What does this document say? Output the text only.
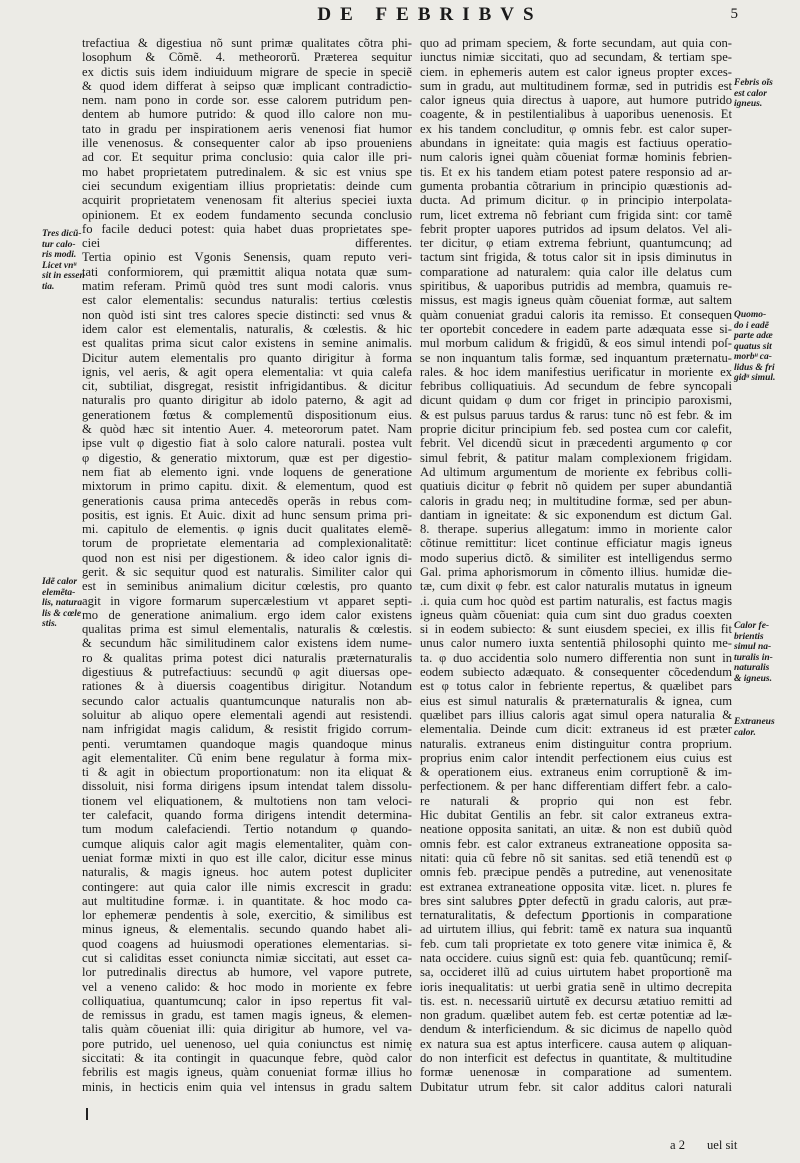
DE FEBRIBVS	5

trefactiua & digestiua nõ sunt primæ qualitates cõtra phi-

losophum & Cõmẽ. 4. metheororũ. Præterea sequitur

ex dictis suis idem indiuiduum migrare de specie in speciẽ

& quod idem differat à seipso quæ implicant contradictio-

nem. nam pono in corde sor. esse calorem putridum pen-

dentem ab humore putrido: & quod illo calore non mu-

tato in gradu per inspirationem aeris venenosi fiat humor

ille venenosus. & consequenter calor ab ipso proueniens

ad cor. Et sequitur prima conclusio: quia calor ille pri-

mo habet proprietatem putredinalem. & sic est vnius spe

ciei secundum exigentiam illius proprietatis: deinde cum

acquirit proprietatem venenosam fit alterius speciei iuxta

opinionem. Et ex eodem fundamento secunda conclusio

fo facile deduci potest: quia habet duas proprietates spe-

ciei differentes.

Tertia opinio est Vgonis Senensis, quam reputo veri-

tati conformiorem, qui præmittit aliqua notata quæ sum-

matim referam. Primũ quòd tres sunt modi caloris. vnus

est calor elementalis: secundus naturalis: tertius cœlestis

non quòd isti sint tres calores specie distincti: sed vnus &

idem calor est elementalis, naturalis, & cœlestis. & hic

est qualitas prima sicut calor existens in semine animalis.

Dicitur autem elementalis pro quanto dirigitur à forma

ignis, vel aeris, & agit opera elementalia: vt quia calefa

cit, subtiliat, disgregat, resistit infrigidantibus. & dicitur

naturalis pro quanto dirigitur ab idolo paterno, & agit ad

generationem fœtus & complementũ dispositionum eius.

& quòd hæc sit intentio Auer. 4. meteororum patet. Nam

ipse vult φ digestio fiat à solo calore naturali. postea vult

φ digestio, & generatio mixtorum, quæ est per digestio-

nem fiat ab elemento igni. vnde loquens de generatione

mixtorum in primo capitu. dixit. & elementum, quod est

generationis causa prima antecedẽs operãs in rebus com-

positis, est ignis. Et Auic. dixit ad hunc sensum prima pri-

mi. capitulo de elementis. φ ignis ducit qualitates elemẽ-

torum de proprietate elementaria ad complexionalitatẽ:

quod non est nisi per digestionem. & ideo calor ignis di-

gerit. & sic sequitur quod est naturalis. Similiter calor qui

est in seminibus animalium dicitur cœlestis, pro quanto

agit in vigore formarum supercælestium vt apparet septi-

mo de generatione animalium. ergo idem calor existens

qualitas prima est simul elementalis, naturalis & cœlestis.

& secundum hãc similitudinem calor existens idem nume-

ro & qualitas prima potest dici naturalis præternaturalis

digestiuus & putrefactiuus: secundũ φ agit diuersas ope-

rationes & à diuersis coagentibus dirigitur. Notandum

secundo calor actualis quantumcunque naturalis non ab-

soluitur ab aliquo opere elementali agendi aut resistendi.

nam infrigidat magis calidum, & resistit frigido corrum-

penti. verumtamen quandoque magis quandoque minus

agit elementaliter. Cũ enim bene regulatur à forma mix-

ti & agit in obiectum proportionatum: non ita eliquat &

dissoluit, nisi forma dirigens ipsum intendat talem dissolu-

tionem vel eliquationem, & multotiens non tam veloci-

ter calefacit, quando forma dirigens intendit determina-

tum modum calefaciendi. Tertio notandum φ quando-

cumque aliquis calor agit magis elementaliter, quàm con-

ueniat formæ mixti in quo est ille calor, dicitur esse minus

naturalis, & magis igneus. hoc autem potest dupliciter

contingere: aut quia calor ille nimis excrescit in gradu:

aut multitudine formæ. i. in quantitate. & hoc modo ca-

lor ephemeræ pendentis à sole, exercitio, & similibus est

minus igneus, & elementalis. secundo quando habet ali-

quod coagens ad huiusmodi operationes elementarias. si-

cut si caliditas esset coniuncta nimiæ siccitati, aut esset ca-

lor putredinalis directus ab humore, vel vapore putrete,

vel a veneno calido: & hoc modo in moriente ex febre

colliquatiua, quantumcunq; calor in ipso repertus fit val-

de remissus in gradu, est tamen magis igneus, & elemen-

talis quàm cõueniat illi: quia dirigitur ab humore, vel va-

pore putrido, uel uenenoso, uel quia coniunctus est nimię

siccitati: & ita contingit in quacunque febre, quòd calor

febrilis est magis igneus, quàm conueniat formæ illius ho

minis, in hecticis enim quia vel intensus in gradu saltem

quo ad primam speciem, & forte secundam, aut quia con-

iunctus nimiæ siccitati, quo ad secundam, & tertiam spe-

ciem. in ephemeris autem est calor igneus propter exces-

sum in gradu, aut multitudinem formæ, sed in putridis est

calor igneus quia directus à uapore, aut humore putrido

coagente, & in pestilentialibus à uaporibus uenenosis. Et

ex his tandem concluditur, φ omnis febr. est calor super-

abundans in igneitate: quia magis est factiuus operatio-

num caloris ignei quàm cõueniat formæ hominis febrien-

tis. Et ex his tandem etiam potest patere responsio ad ar-

gumenta probantia cõtrarium in principio quæstionis ad-

ducta. Ad primum dicitur. φ in principio interpolata-

rum, licet extrema nõ febriant cum frigida sint: cor tamẽ

febrit propter uapores putridos ad ipsum delatos. Vel ali-

ter dicitur, φ etiam extrema febriunt, quantumcunq; ad

tactum sint frigida, & totus calor sit in ipsis diminutus in

comparatione ad naturalem: quia calor ille delatus cum

spiritibus, & uaporibus putridis ad membra, quamuis re-

missus, est magis igneus quàm cõueniat formæ, aut saltem

quàm conueniat gradui caloris ita remisso. Et consequen

ter oportebit concedere in eadem parte adæquata esse si-

mul morbum calidum & frigidũ, & eos simul intendi poſ-

se non inquantum talis formæ, sed inquantum præternatu-

rales. & hoc idem manifestius uerificatur in moriente ex

febribus colliquatiuis. Ad secundum de febre syncopali

dicunt quidam φ dum cor friget in principio paroxismi,

& est pulsus paruus tardus & rarus: tunc nõ est febr. & im

proprie dicitur principium feb. sed postea cum cor calefit,

febrit. Vel dicendũ sicut in præcedenti argumento φ cor

simul febrit, & patitur malam complexionem frigidam.

Ad ultimum argumentum de moriente ex febribus colli-

quatiuis dicitur φ febrit nõ quidem per super abundantiã

caloris in gradu neq; in multitudine formæ, sed per abun-

dantiam in igneitate: & sic exponendum est dictum Gal.

8. therape. superius allegatum: immo in moriente calor

cõtinue remittitur: licet continue efficiatur magis igneus

modo superius dictõ. & similiter est intelligendus sermo

Gal. prima aphorismorum in cõmento illius. humidæ die-

tæ, cum dixit φ febr. est calor naturalis mutatus in igneum

.i. quia cum hoc quòd est partim naturalis, est factus magis

igneus quàm cõueniat: quia cum sint duo gradus coexten

si in eodem subiecto: & sunt eiusdem speciei, ex illis fit

unus calor numero iuxta sententiã philosophi quinto me-

ta. φ duo accidentia solo numero differentia non sunt in

eodem subiecto adæquato. & consequenter cõcedendum

est φ totus calor in febriente repertus, & quælibet pars

eius est simul naturalis & præternaturalis & ignea, cum

quælibet pars illius caloris agat simul opera naturalia &

elementalia. Deinde cum dicit: extraneus id est præter

naturalis. extraneus enim distinguitur contra proprium.

proprius enim calor intendit perfectionem eius cuius est

& operationem eius. extraneus enim corruptionẽ & im-

perfectionem. & per hanc differentiam differt febr. a calo-

re naturali & proprio qui non est febr.

Hic dubitat Gentilis an febr. sit calor extraneus extra-

neatione opposita sanitati, an uitæ. & non est dubiũ quòd

omnis febr. est calor extraneus extraneatione opposita sa-

nitati: quia cũ febre nõ sit sanitas. sed etiã tenendũ est φ

omnis feb. præcipue pendẽs a putredine, aut venenositate

est extranea extraneatione opposita vitæ. licet. n. plures fe

bres sint salubres ꝑpter defectũ in gradu caloris, aut præ-

ternaturalitatis, & defectum ꝑportionis in comparatione

ad uirtutem illius, qui febrit: tamẽ ex natura sua inquantũ

feb. cum tali proprietate ex toto genere vitæ inimica ẽ, &

nata occidere. cuius signũ est: quia feb. quantũcunq; remiſ-

sa, occideret illũ ad cuius uirtutem habet proportionẽ ma

ioris inequalitatis: ut uerbi gratia senẽ in ultimo decrepita

tis. est. n. necessariũ uirtutẽ ex decursu ætatiuo remitti ad

non gradum. quælibet autem feb. est certæ potentiæ ad læ-

dendum & interficiendum. & sic dicimus de napello quòd

ex natura sua est aptus interficere. causa autem φ aliquan-

do non interficit est defectus in quantitate, & multitudine

formæ uenenosæ in comparatione ad sumentem.

Dubitatur utrum febr. sit calor additus calori naturali

Tres dicũ-

tur calo-

ris modi.

Licet vnᵘ

sit in essen

tia.

Idẽ calor

elemẽta-

lis, natura

lis & cœle

stis.

Febris oĩs

est calor

igneus.

Quomo-

do i eadẽ

parte adæ

quatus sit

morbᵘ ca-

lidus & fri

gidᵘ simul.

Calor fe-

brientis

simul na-

turalis in-

naturalis

& igneus.

Extraneus

calor.

a 2 uel sit
